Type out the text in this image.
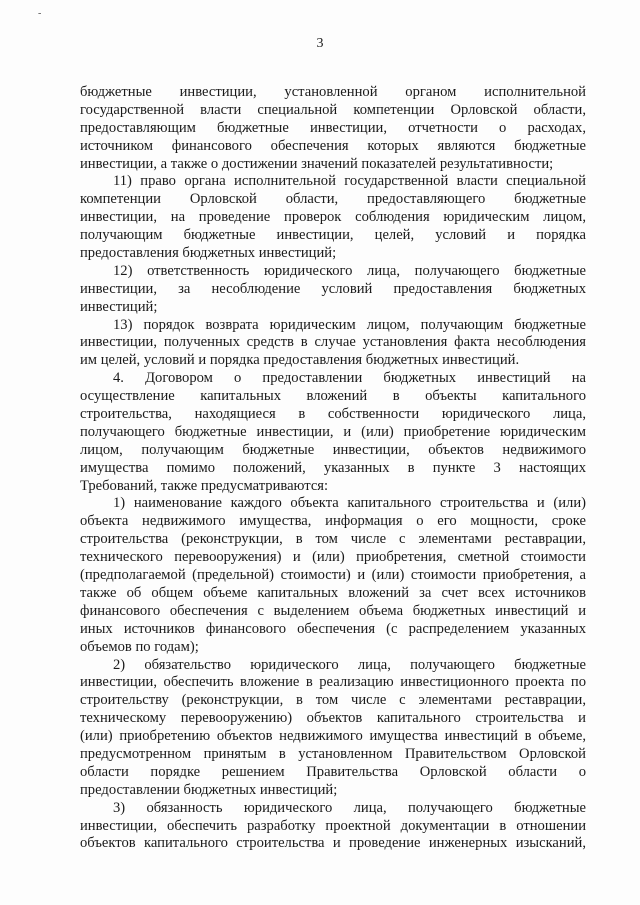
-
3
бюджетные инвестиции, установленной органом исполнительной
государственной власти специальной компетенции Орловской области,
предоставляющим бюджетные инвестиции, отчетности о расходах,
источником финансового обеспечения которых являются бюджетные
инвестиции, а также о достижении значений показателей результативности;
11) право органа исполнительной государственной власти специальной
компетенции Орловской области, предоставляющего бюджетные
инвестиции, на проведение проверок соблюдения юридическим лицом,
получающим бюджетные инвестиции, целей, условий и порядка
предоставления бюджетных инвестиций;
12) ответственность юридического лица, получающего бюджетные
инвестиции, за несоблюдение условий предоставления бюджетных
инвестиций;
13) порядок возврата юридическим лицом, получающим бюджетные
инвестиции, полученных средств в случае установления факта несоблюдения
им целей, условий и порядка предоставления бюджетных инвестиций.
4. Договором о предоставлении бюджетных инвестиций на
осуществление капитальных вложений в объекты капитального
строительства, находящиеся в собственности юридического лица,
получающего бюджетные инвестиции, и (или) приобретение юридическим
лицом, получающим бюджетные инвестиции, объектов недвижимого
имущества помимо положений, указанных в пункте 3 настоящих
Требований, также предусматриваются:
1) наименование каждого объекта капитального строительства и (или)
объекта недвижимого имущества, информация о его мощности, сроке
строительства (реконструкции, в том числе с элементами реставрации,
технического перевооружения) и (или) приобретения, сметной стоимости
(предполагаемой (предельной) стоимости) и (или) стоимости приобретения, а
также об общем объеме капитальных вложений за счет всех источников
финансового обеспечения с выделением объема бюджетных инвестиций и
иных источников финансового обеспечения (с распределением указанных
объемов по годам);
2) обязательство юридического лица, получающего бюджетные
инвестиции, обеспечить вложение в реализацию инвестиционного проекта по
строительству (реконструкции, в том числе с элементами реставрации,
техническому перевооружению) объектов капитального строительства и
(или) приобретению объектов недвижимого имущества инвестиций в объеме,
предусмотренном принятым в установленном Правительством Орловской
области порядке решением Правительства Орловской области о
предоставлении бюджетных инвестиций;
3) обязанность юридического лица, получающего бюджетные
инвестиции, обеспечить разработку проектной документации в отношении
объектов капитального строительства и проведение инженерных изысканий,
